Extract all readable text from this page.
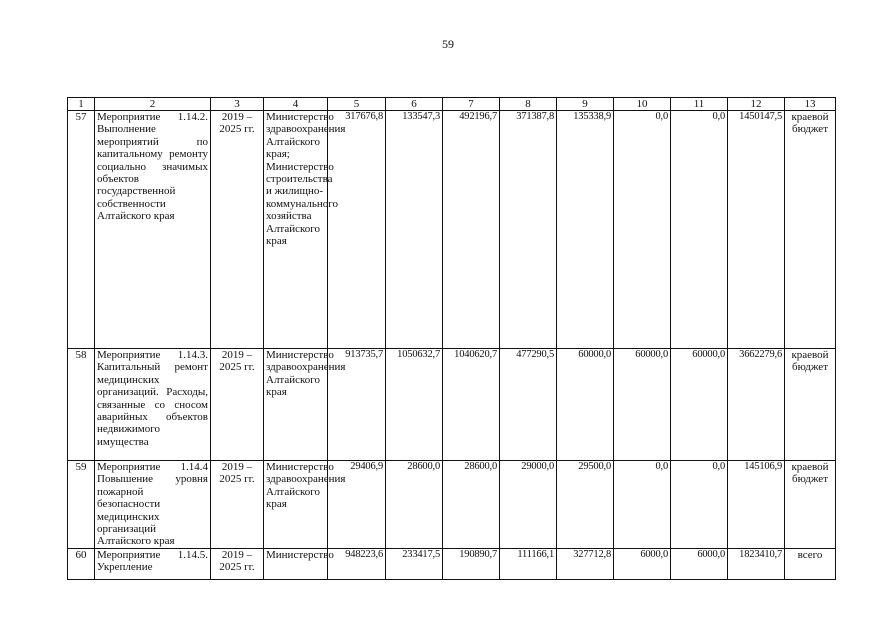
59
1	2	3	4	5	6	7	8	9	10	11	12	13
57	Мероприятие 1.14.2. Выполнение мероприятий по капитальному ремонту социально значимых объектов государственной собственности Алтайского края	2019 – 2025 гг.	Министерство здравоохранения Алтайского края; Министерство строительства и жилищно-коммунального хозяйства Алтайского края	317676,8	133547,3	492196,7	371387,8	135338,9	0,0	0,0	1450147,5	краевой бюджет
58	Мероприятие 1.14.3. Капитальный ремонт медицинских организаций. Расходы, связанные со сносом аварийных объектов недвижимого имущества	2019 – 2025 гг.	Министерство здравоохранения Алтайского края	913735,7	1050632,7	1040620,7	477290,5	60000,0	60000,0	60000,0	3662279,6	краевой бюджет
59	Мероприятие 1.14.4 Повышение уровня пожарной безопасности медицинских организаций Алтайского края	2019 – 2025 гг.	Министерство здравоохранения Алтайского края	29406,9	28600,0	28600,0	29000,0	29500,0	0,0	0,0	145106,9	краевой бюджет
60	Мероприятие 1.14.5. Укрепление	2019 – 2025 гг.	Министерство	948223,6	233417,5	190890,7	111166,1	327712,8	6000,0	6000,0	1823410,7	всего
